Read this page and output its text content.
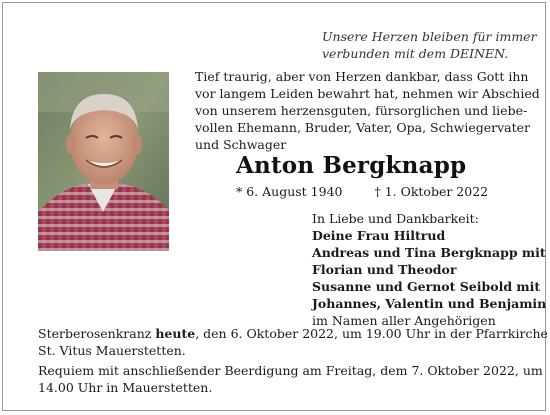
Unsere Herzen bleiben für immer
verbunden mit dem DEINEN.
Tief traurig, aber von Herzen dankbar, dass Gott ihn
vor langem Leiden bewahrt hat, nehmen wir Abschied
von unserem herzensguten, fürsorglichen und liebe-
vollen Ehemann, Bruder, Vater, Opa, Schwiegervater
und Schwager
Anton Bergknapp
* 6. August 1940	† 1. Oktober 2022
In Liebe und Dankbarkeit:
Deine Frau Hiltrud
Andreas und Tina Bergknapp mit
Florian und Theodor
Susanne und Gernot Seibold mit
Johannes, Valentin und Benjamin
im Namen aller Angehörigen
Sterberosenkranz heute, den 6. Oktober 2022, um 19.00 Uhr in der Pfarrkirche
St. Vitus Mauerstetten.
Requiem mit anschließender Beerdigung am Freitag, dem 7. Oktober 2022, um
14.00 Uhr in Mauerstetten.
